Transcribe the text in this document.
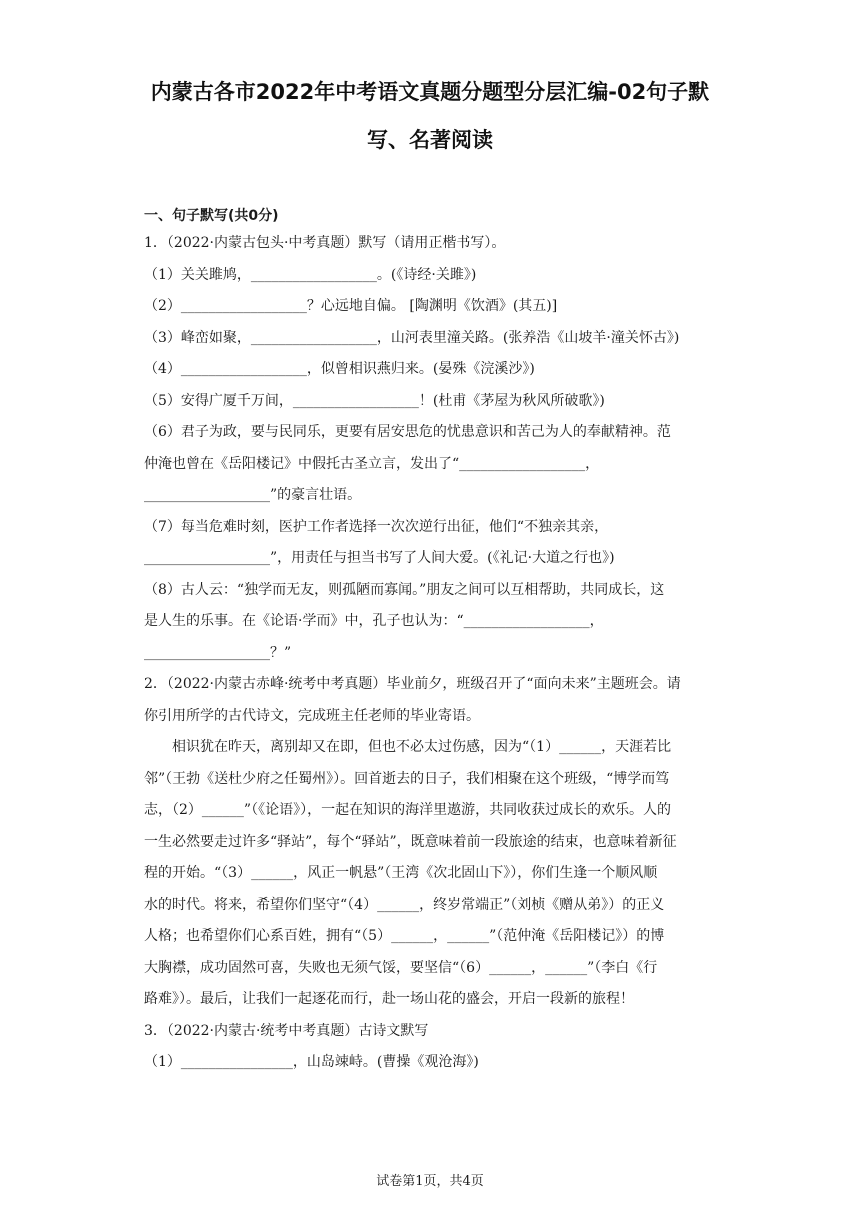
内蒙古各市2022年中考语文真题分题型分层汇编-02句子默
写、名著阅读
一、句子默写(共0分)
1．（2022·内蒙古包头·中考真题）默写（请用正楷书写）。
（1）关关雎鸠，__________________。(《诗经·关雎》)
（2）__________________？心远地自偏。 [陶渊明《饮酒》(其五)]
（3）峰峦如聚，__________________，山河表里潼关路。(张养浩《山坡羊·潼关怀古》)
（4）__________________，似曾相识燕归来。(晏殊《浣溪沙》)
（5）安得广厦千万间，__________________！(杜甫《茅屋为秋风所破歌》)
（6）君子为政，要与民同乐，更要有居安思危的忧患意识和苦己为人的奉献精神。范
仲淹也曾在《岳阳楼记》中假托古圣立言，发出了“__________________，
__________________”的豪言壮语。
（7）每当危难时刻，医护工作者选择一次次逆行出征，他们“不独亲其亲，
__________________”，用责任与担当书写了人间大爱。(《礼记·大道之行也》)
（8）古人云：“独学而无友，则孤陋而寡闻。”朋友之间可以互相帮助，共同成长，这
是人生的乐事。在《论语·学而》中，孔子也认为：“__________________，
__________________？”
2．（2022·内蒙古赤峰·统考中考真题）毕业前夕，班级召开了“面向未来”主题班会。请
你引用所学的古代诗文，完成班主任老师的毕业寄语。
相识犹在昨天，离别却又在即，但也不必太过伤感，因为“（1）______，天涯若比
邻”（王勃《送杜少府之任蜀州》）。回首逝去的日子，我们相聚在这个班级，“博学而笃
志，（2）______”（《论语》），一起在知识的海洋里遨游，共同收获过成长的欢乐。人的
一生必然要走过许多“驿站”，每个“驿站”，既意味着前一段旅途的结束，也意味着新征
程的开始。“（3）______，风正一帆悬”（王湾《次北固山下》），你们生逢一个顺风顺
水的时代。将来，希望你们坚守“（4）______，终岁常端正”（刘桢《赠从弟》）的正义
人格；也希望你们心系百姓，拥有“（5）______，______”（范仲淹《岳阳楼记》）的博
大胸襟，成功固然可喜，失败也无须气馁，要坚信“（6）______，______”（李白《行
路难》）。最后，让我们一起逐花而行，赴一场山花的盛会，开启一段新的旅程！
3．（2022·内蒙古·统考中考真题）古诗文默写
（1）________________，山岛竦峙。(曹操《观沧海》)
试卷第1页，共4页
